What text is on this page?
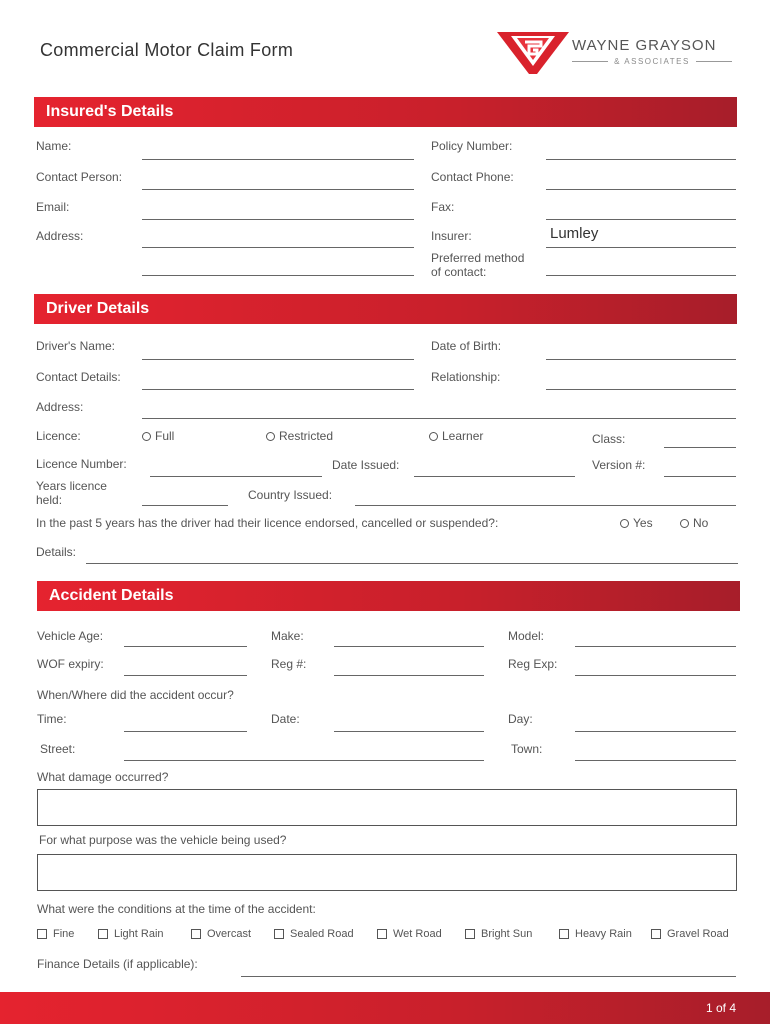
Commercial Motor Claim Form	WAYNE GRAYSON
& ASSOCIATES
Insured's Details
Name:	Policy Number:
Contact Person:	Contact Phone:
Email:	Fax:
Address:	Insurer:	Lumley
Preferred method
of contact:
Driver Details
Driver's Name:	Date of Birth:
Contact Details:	Relationship:
Address:
Licence:	Full	Restricted	Learner	Class:
Licence Number:	Date Issued:	Version #:
Years licence
held:	Country Issued:
In the past 5 years has the driver had their licence endorsed, cancelled or suspended?:	Yes	No
Details:
Accident Details
Vehicle Age:	Make:	Model:
WOF expiry:	Reg #:	Reg Exp:
When/Where did the accident occur?
Time:	Date:	Day:
Street:	Town:
What damage occurred?
For what purpose was the vehicle being used?
What were the conditions at the time of the accident:
Fine	Light Rain	Overcast	Sealed Road	Wet Road	Bright Sun	Heavy Rain	Gravel Road
Finance Details (if applicable):
1 of 4
